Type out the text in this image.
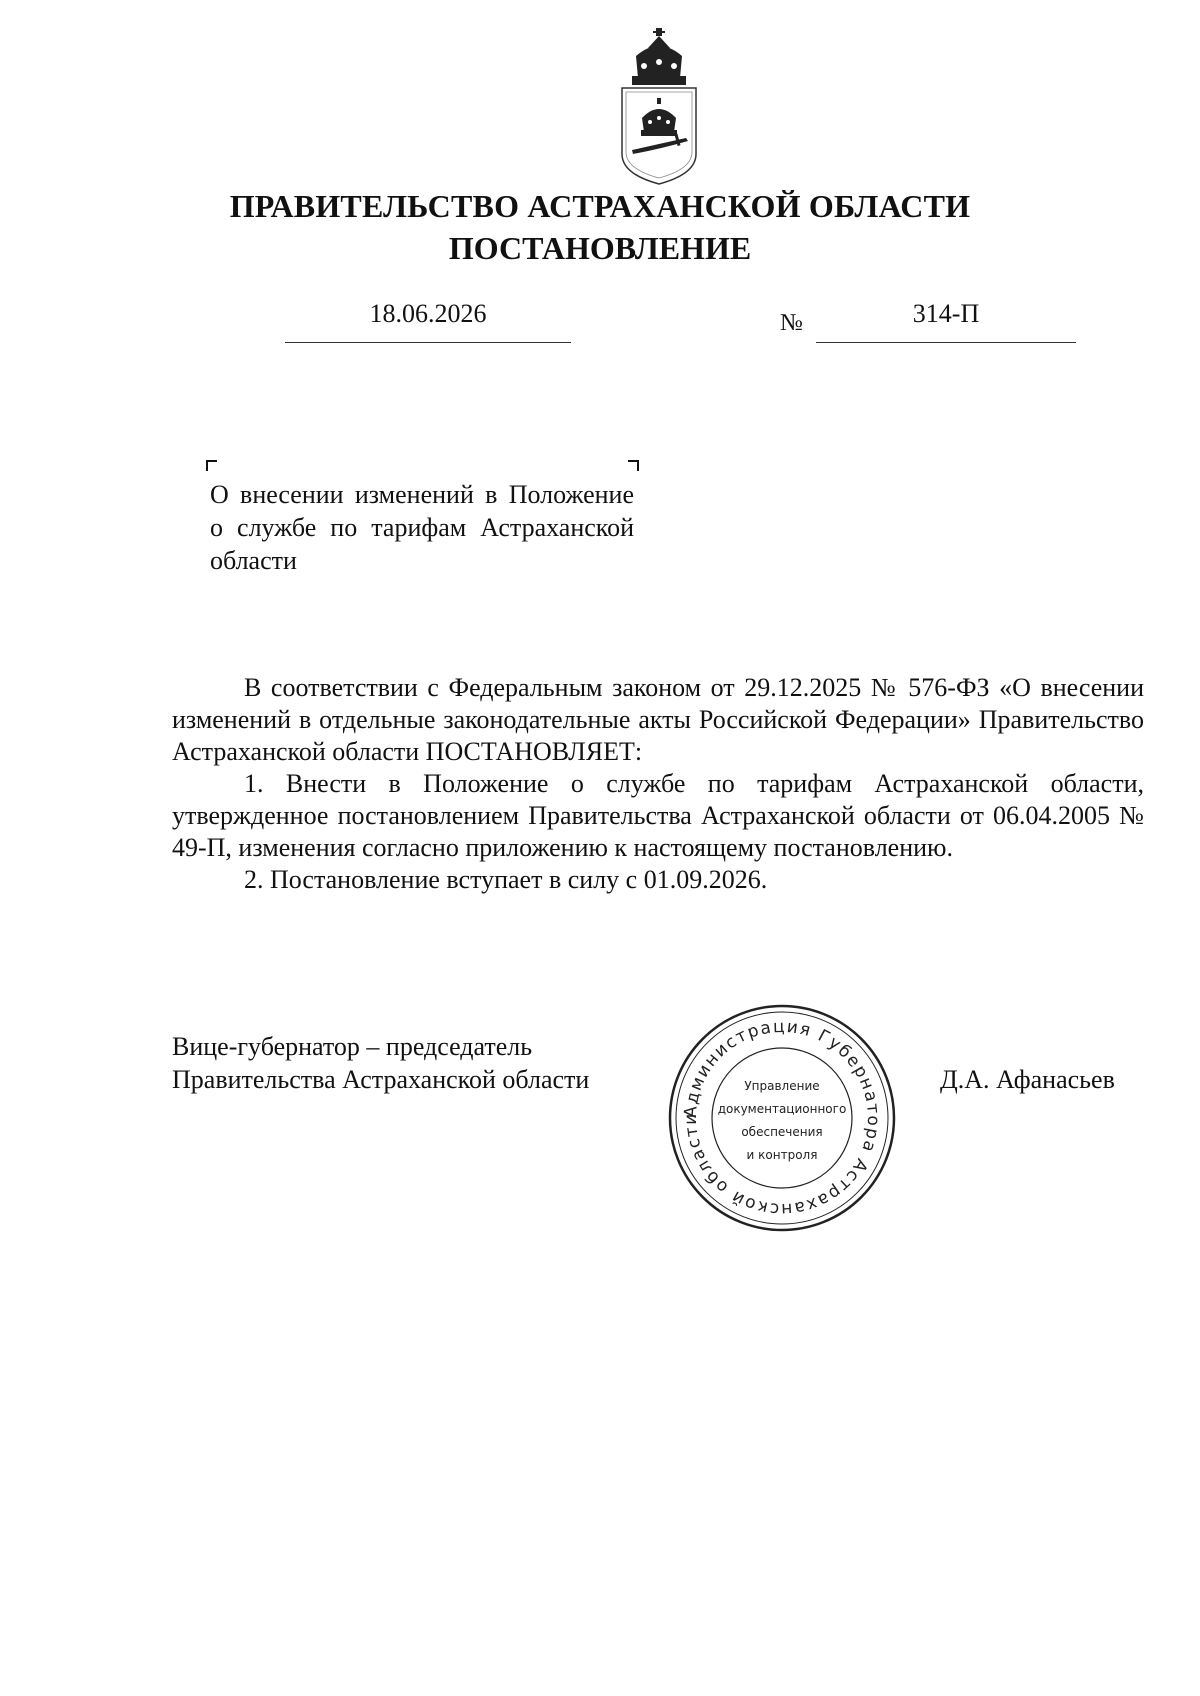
ПРАВИТЕЛЬСТВО АСТРАХАНСКОЙ ОБЛАСТИ
ПОСТАНОВЛЕНИЕ
18.06.2026	№	314-П
О внесении изменений в Положение о службе по тарифам Астраханской области

В соответствии с Федеральным законом от 29.12.2025 № 576-ФЗ «О внесении изменений в отдельные законодательные акты Российской Федерации» Правительство Астраханской области ПОСТАНОВЛЯЕТ:

1. Внести в Положение о службе по тарифам Астраханской области, утвержденное постановлением Правительства Астраханской области от 06.04.2005 № 49-П, изменения согласно приложению к настоящему постановлению.

2. Постановление вступает в силу с 01.09.2026.

Вице-губернатор – председатель
Правительства Астраханской области
Администрация Губернатора Астраханской области
Управление
документационного
обеспечения
и контроля
Д.А. Афанасьев
